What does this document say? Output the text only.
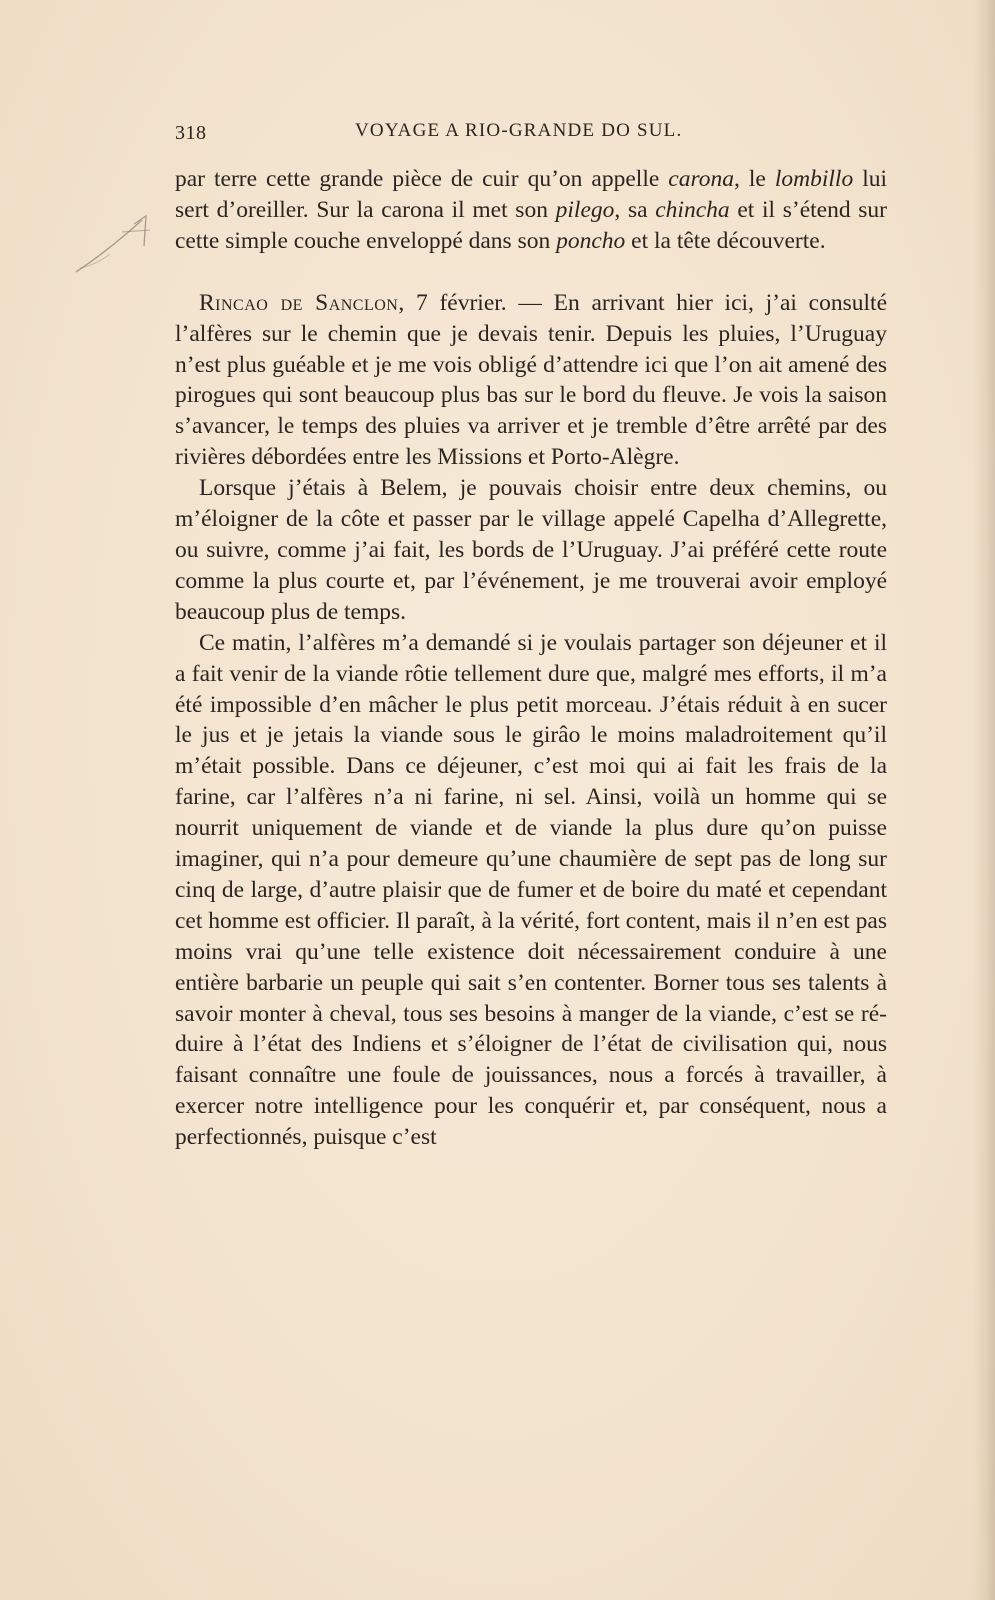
318	VOYAGE A RIO-GRANDE DO SUL.

par terre cette grande pièce de cuir qu’on appelle carona, le lombillo lui sert d’oreiller. Sur la carona il met son pilego, sa chincha et il s’étend sur cette simple couche enveloppé dans son poncho et la tête découverte.

Rincao de Sanclon, 7 février. — En arrivant hier ici, j’ai consulté l’alfères sur le chemin que je devais tenir. Depuis les pluies, l’Uruguay n’est plus guéable et je me vois obligé d’attendre ici que l’on ait amené des pirogues qui sont beaucoup plus bas sur le bord du fleuve. Je vois la saison s’avancer, le temps des pluies va arriver et je tremble d’être arrêté par des rivières débordées entre les Missions et Porto-Alègre.

Lorsque j’étais à Belem, je pouvais choisir entre deux chemins, ou m’éloigner de la côte et passer par le village appelé Capelha d’Allegrette, ou suivre, comme j’ai fait, les bords de l’Uruguay. J’ai préféré cette route comme la plus courte et, par l’événement, je me trouverai avoir employé beaucoup plus de temps.

Ce matin, l’alfères m’a demandé si je voulais partager son déjeuner et il a fait venir de la viande rôtie tellement dure que, malgré mes efforts, il m’a été impossible d’en mâcher le plus petit morceau. J’étais réduit à en sucer le jus et je jetais la viande sous le girâo le moins maladroitement qu’il m’était possible. Dans ce déjeuner, c’est moi qui ai fait les frais de la farine, car l’alfères n’a ni farine, ni sel. Ainsi, voilà un homme qui se nourrit uniquement de viande et de viande la plus dure qu’on puisse imaginer, qui n’a pour demeure qu’une chaumière de sept pas de long sur cinq de large, d’autre plaisir que de fumer et de boire du maté et cependant cet homme est officier. Il paraît, à la vérité, fort content, mais il n’en est pas moins vrai qu’une telle existence doit nécessairement conduire à une entière barbarie un peuple qui sait s’en contenter. Borner tous ses talents à savoir monter à cheval, tous ses besoins à manger de la viande, c’est se réduire à l’état des Indiens et s’éloigner de l’état de civilisation qui, nous faisant connaître une foule de jouissances, nous a forcés à travailler, à exercer notre intelligence pour les conquérir et, par conséquent, nous a perfectionnés, puisque c’est
